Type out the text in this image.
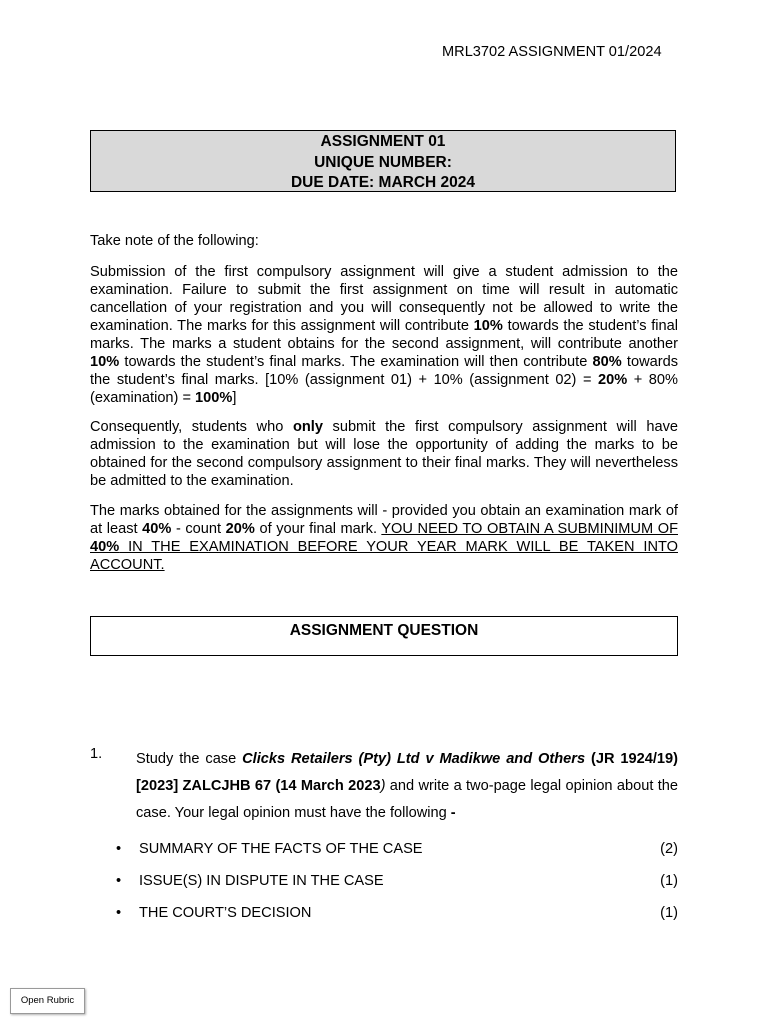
MRL3702 ASSIGNMENT 01/2024
ASSIGNMENT 01
UNIQUE NUMBER:
DUE DATE: MARCH 2024

Take note of the following:

Submission of the first compulsory assignment will give a student admission to the examination. Failure to submit the first assignment on time will result in automatic cancellation of your registration and you will consequently not be allowed to write the examination. The marks for this assignment will contribute 10% towards the student’s final marks. The marks a student obtains for the second assignment, will contribute another 10% towards the student’s final marks. The examination will then contribute 80% towards the student’s final marks. [10% (assignment 01) + 10% (assignment 02) = 20% + 80% (examination) = 100%]

Consequently, students who only submit the first compulsory assignment will have admission to the examination but will lose the opportunity of adding the marks to be obtained for the second compulsory assignment to their final marks. They will nevertheless be admitted to the examination.

The marks obtained for the assignments will - provided you obtain an examination mark of at least 40% - count 20% of your final mark. YOU NEED TO OBTAIN A SUBMINIMUM OF 40% IN THE EXAMINATION BEFORE YOUR YEAR MARK WILL BE TAKEN INTO ACCOUNT.

ASSIGNMENT QUESTION
1. Study the case Clicks Retailers (Pty) Ltd v Madikwe and Others (JR 1924/19) [2023] ZALCJHB 67 (14 March 2023) and write a two-page legal opinion about the case. Your legal opinion must have the following -
• SUMMARY OF THE FACTS OF THE CASE	(2)
• ISSUE(S) IN DISPUTE IN THE CASE	(1)
• THE COURT’S DECISION	(1)
Open Rubric
